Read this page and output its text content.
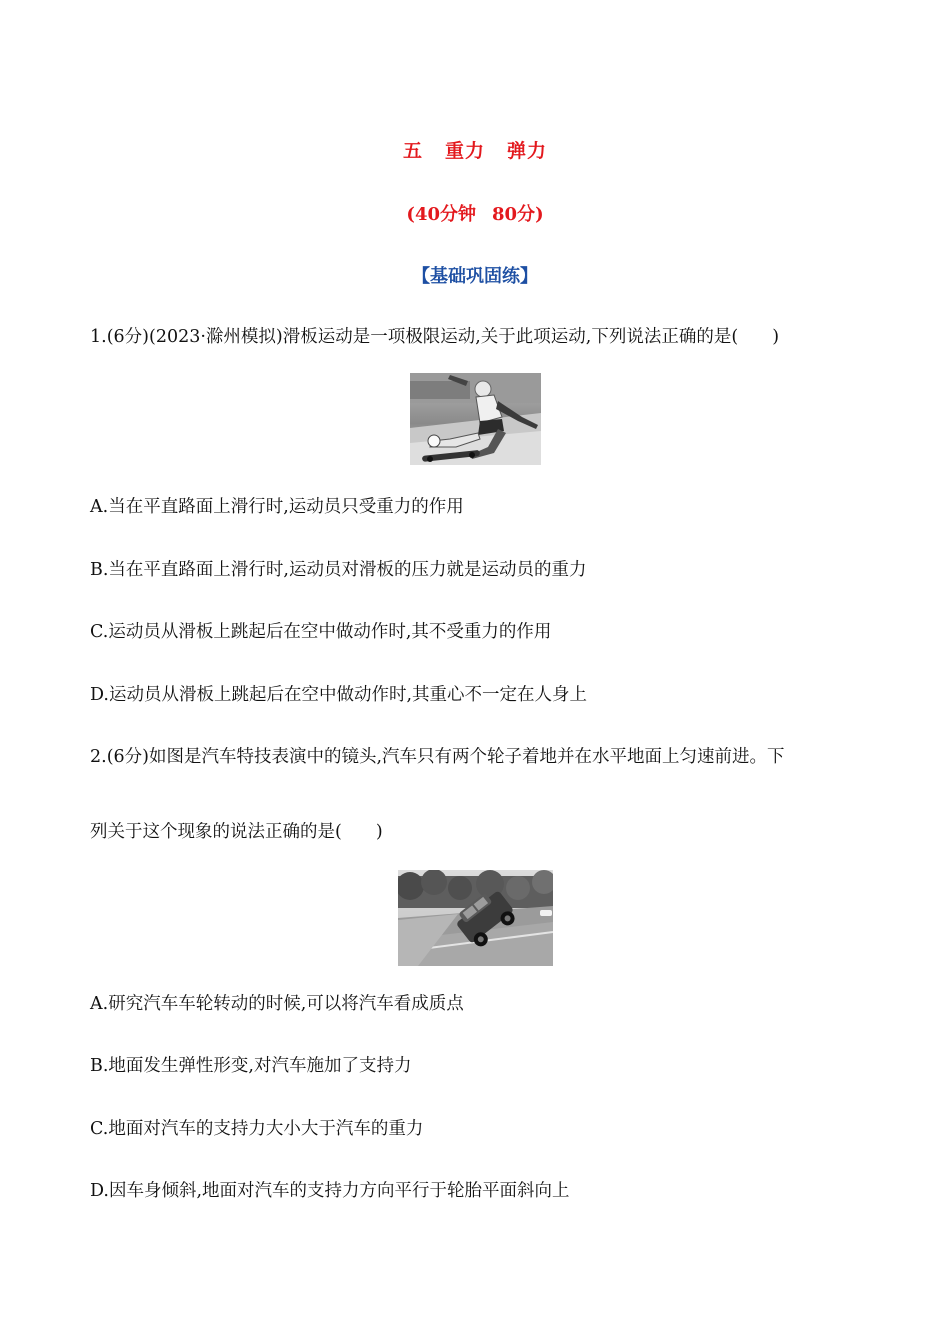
五 重力 弹力
(40分钟 80分)
【基础巩固练】
1.(6分)(2023·滁州模拟)滑板运动是一项极限运动,关于此项运动,下列说法正确的是( )
A.当在平直路面上滑行时,运动员只受重力的作用
B.当在平直路面上滑行时,运动员对滑板的压力就是运动员的重力
C.运动员从滑板上跳起后在空中做动作时,其不受重力的作用
D.运动员从滑板上跳起后在空中做动作时,其重心不一定在人身上
2.(6分)如图是汽车特技表演中的镜头,汽车只有两个轮子着地并在水平地面上匀速前进。下
列关于这个现象的说法正确的是( )
A.研究汽车车轮转动的时候,可以将汽车看成质点
B.地面发生弹性形变,对汽车施加了支持力
C.地面对汽车的支持力大小大于汽车的重力
D.因车身倾斜,地面对汽车的支持力方向平行于轮胎平面斜向上
